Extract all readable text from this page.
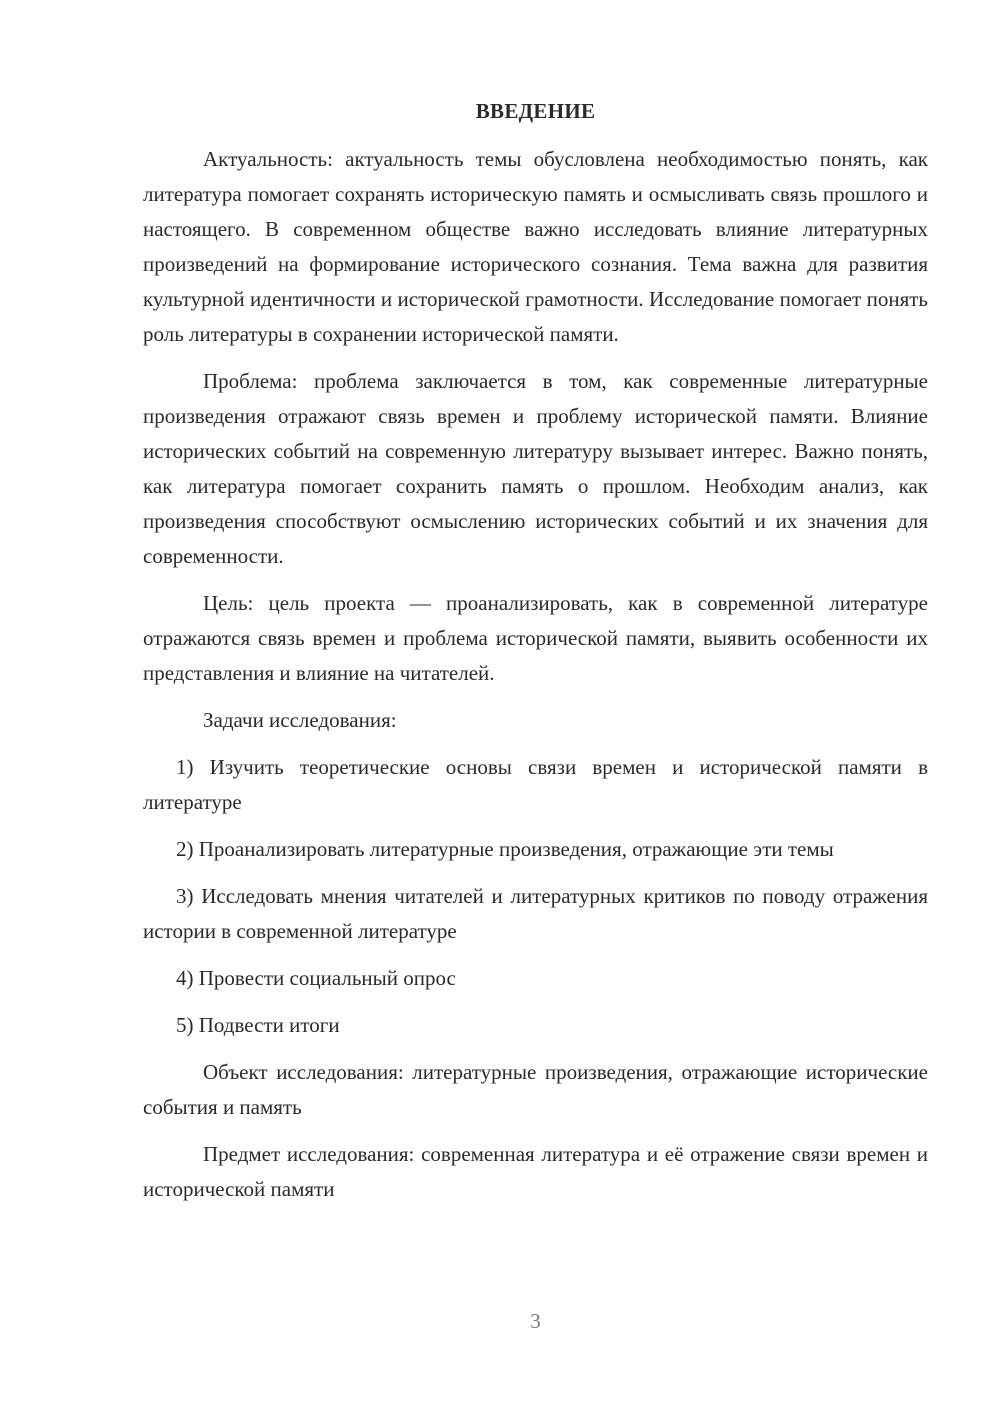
ВВЕДЕНИЕ

Актуальность: актуальность темы обусловлена необходимостью понять, как литература помогает сохранять историческую память и осмысливать связь прошлого и настоящего. В современном обществе важно исследовать влияние литературных произведений на формирование исторического сознания. Тема важна для развития культурной идентичности и исторической грамотности. Исследование помогает понять роль литературы в сохранении исторической памяти.

Проблема: проблема заключается в том, как современные литературные произведения отражают связь времен и проблему исторической памяти. Влияние исторических событий на современную литературу вызывает интерес. Важно понять, как литература помогает сохранить память о прошлом. Необходим анализ, как произведения способствуют осмыслению исторических событий и их значения для современности.

Цель: цель проекта — проанализировать, как в современной литературе отражаются связь времен и проблема исторической памяти, выявить особенности их представления и влияние на читателей.

Задачи исследования:

1) Изучить теоретические основы связи времен и исторической памяти в литературе

2) Проанализировать литературные произведения, отражающие эти темы

3) Исследовать мнения читателей и литературных критиков по поводу отражения истории в современной литературе

4) Провести социальный опрос

5) Подвести итоги

Объект исследования: литературные произведения, отражающие исторические события и память

Предмет исследования: современная литература и её отражение связи времен и исторической памяти

3
